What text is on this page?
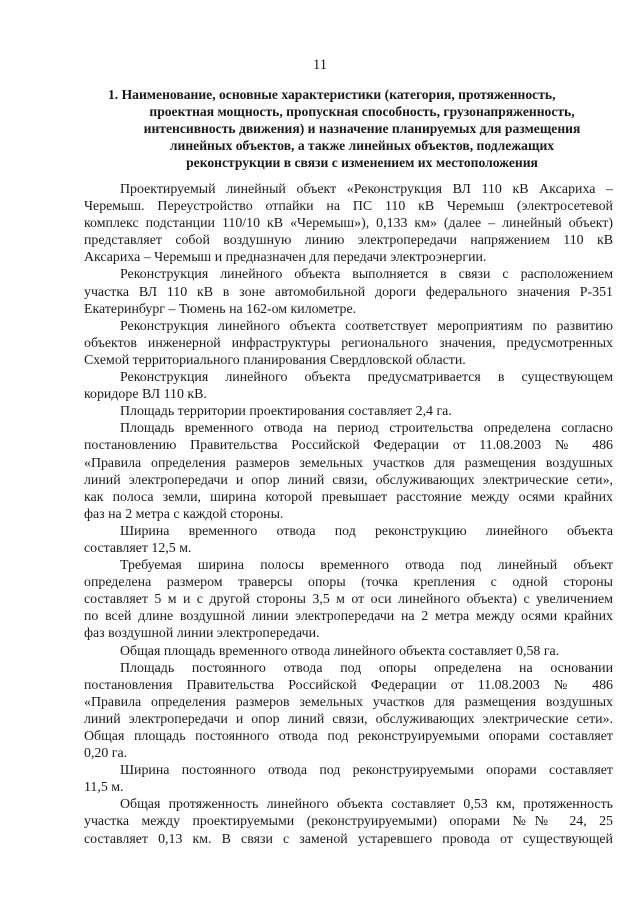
11
1. Наименование, основные характеристики (категория, протяженность,
проектная мощность, пропускная способность, грузонапряженность,
интенсивность движения) и назначение планируемых для размещения
линейных объектов, а также линейных объектов, подлежащих
реконструкции в связи с изменением их местоположения
Проектируемый линейный объект «Реконструкция ВЛ 110 кВ Аксариха –
Черемыш. Переустройство отпайки на ПС 110 кВ Черемыш (электросетевой
комплекс подстанции 110/10 кВ «Черемыш»), 0,133 км» (далее – линейный объект)
представляет собой воздушную линию электропередачи напряжением 110 кВ
Аксариха – Черемыш и предназначен для передачи электроэнергии.
Реконструкция линейного объекта выполняется в связи с расположением
участка ВЛ 110 кВ в зоне автомобильной дороги федерального значения Р-351
Екатеринбург – Тюмень на 162-ом километре.
Реконструкция линейного объекта соответствует мероприятиям по развитию
объектов инженерной инфраструктуры регионального значения, предусмотренных
Схемой территориального планирования Свердловской области.
Реконструкция линейного объекта предусматривается в существующем
коридоре ВЛ 110 кВ.
Площадь территории проектирования составляет 2,4 га.
Площадь временного отвода на период строительства определена согласно
постановлению Правительства Российской Федерации от 11.08.2003 № 486
«Правила определения размеров земельных участков для размещения воздушных
линий электропередачи и опор линий связи, обслуживающих электрические сети»,
как полоса земли, ширина которой превышает расстояние между осями крайних
фаз на 2 метра с каждой стороны.
Ширина временного отвода под реконструкцию линейного объекта
составляет 12,5 м.
Требуемая ширина полосы временного отвода под линейный объект
определена размером траверсы опоры (точка крепления с одной стороны
составляет 5 м и с другой стороны 3,5 м от оси линейного объекта) с увеличением
по всей длине воздушной линии электропередачи на 2 метра между осями крайних
фаз воздушной линии электропередачи.
Общая площадь временного отвода линейного объекта составляет 0,58 га.
Площадь постоянного отвода под опоры определена на основании
постановления Правительства Российской Федерации от 11.08.2003 № 486
«Правила определения размеров земельных участков для размещения воздушных
линий электропередачи и опор линий связи, обслуживающих электрические сети».
Общая площадь постоянного отвода под реконструируемыми опорами составляет
0,20 га.
Ширина постоянного отвода под реконструируемыми опорами составляет
11,5 м.
Общая протяженность линейного объекта составляет 0,53 км, протяженность
участка между проектируемыми (реконструируемыми) опорами №№ 24, 25
составляет 0,13 км. В связи с заменой устаревшего провода от существующей
